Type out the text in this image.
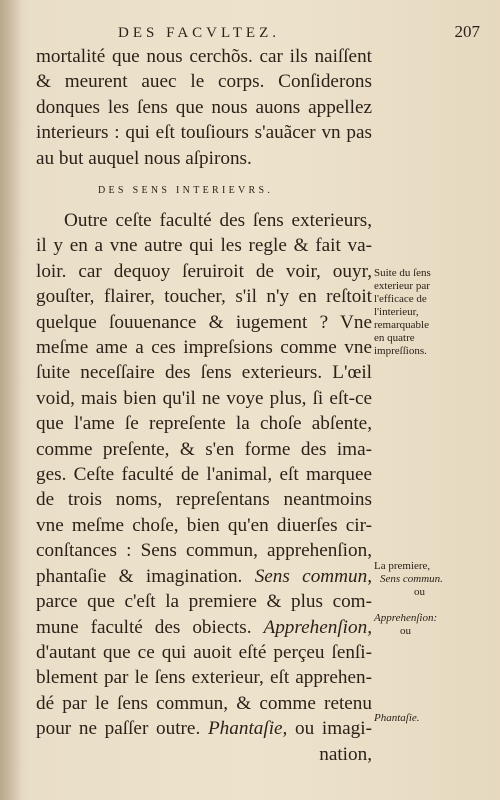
DES FACVLTEZ.	207
mortalité que nous cerchõs. car ils naiſſent
& meurent auec le corps. Conſiderons
donques les ſens que nous auons appellez
interieurs : qui eſt touſiours s'auãcer vn pas
au but auquel nous aſpirons.
DES SENS INTERIEVRS.
Outre ceſte faculté des ſens exterieurs,
il y en a vne autre qui les regle & fait va-
loir. car dequoy ſeruiroit de voir, ouyr,
gouſter, flairer, toucher, s'il n'y en reſtoit
quelque ſouuenance & iugement ? Vne
meſme ame a ces impreſsions comme vne
ſuite neceſſaire des ſens exterieurs. L'œil
void, mais bien qu'il ne voye plus, ſi eſt-ce
que l'ame ſe repreſente la choſe abſente,
comme preſente, & s'en forme des ima-
ges. Ceſte faculté de l'animal, eſt marquee
de trois noms, repreſentans neantmoins
vne meſme choſe, bien qu'en diuerſes cir-
conſtances : Sens commun, apprehenſion,
phantaſie & imagination. Sens commun,
parce que c'eſt la premiere & plus com-
mune faculté des obiects. Apprehenſion,
d'autant que ce qui auoit eſté perçeu ſenſi-
blement par le ſens exterieur, eſt apprehen-
dé par le ſens commun, & comme retenu
pour ne paſſer outre. Phantaſie, ou imagi-
nation,
Suite du ſens
exterieur par
l'efficace de
l'interieur,
remarquable
en quatre
impreſſions.
La premiere,
Sens commun.
ou
Apprehenſion:
ou
Phantaſie.
